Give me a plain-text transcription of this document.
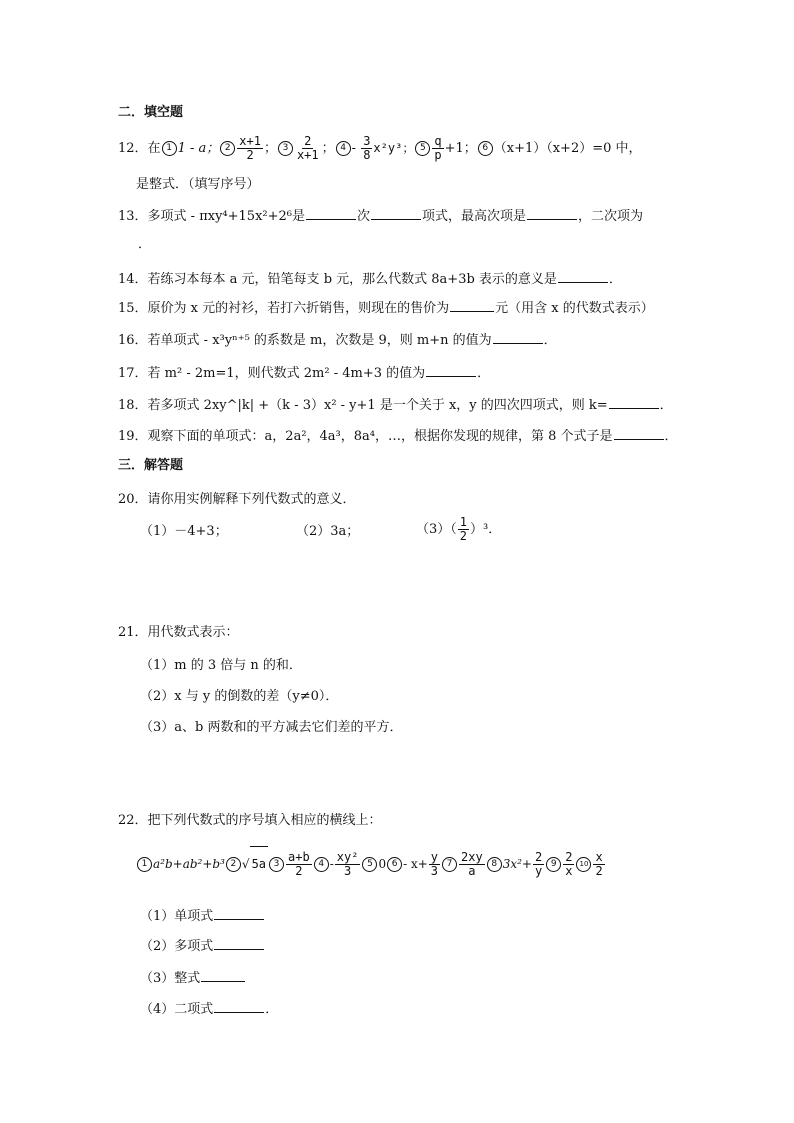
二．填空题
12．在 1 1 - a； $2 \frac{x+1}{2}$ ； $3 \frac{2}{x+1}$ ； $4 - \frac{3}{8} x^2y^3$； $5 \frac{q}{p} +1$； 6 （x+1）（x+2）=0 中，
是整式．（填写序号）
13．多项式 - πxy⁴+15x²+2⁶是	次	项式，最高次项是	，二次项为
．
14．若练习本每本 a 元，铅笔每支 b 元，那么代数式 8a+3b 表示的意义是	．
15．原价为 x 元的衬衫，若打六折销售，则现在的售价为	元（用含 x 的代数式表示）
16．若单项式 - x³yⁿ⁺⁵ 的系数是 m，次数是 9，则 m+n 的值为	．
17．若 m² - 2m=1，则代数式 2m² - 4m+3 的值为	．
18．若多项式 2xy^|k| +（k - 3）x² - y+1 是一个关于 x，y 的四次四项式，则 k=	．
19．观察下面的单项式：a，2a²，4a³，8a⁴，…，根据你发现的规律，第 8 个式子是	．
三．解答题
20．请你用实例解释下列代数式的意义．
（1）－4+3；	（2）3a；	$(3)( \frac{1}{2} )^3$．
21．用代数式表示：
（1）m 的 3 倍与 n 的和．
（2）x 与 y 的倒数的差（y≠0）．
（3）a、b 两数和的平方减去它们差的平方．
22．把下列代数式的序号填入相应的横线上：
1 a²b+ab²+b³ 2 √ 5a $3 \frac{a+b}{2} 4 - \frac{\text{xy²}}{3} 5$ 0 $6 - x+ \frac{y}{3} 7 \frac{2xy}{a} 8$ $3x^2+ \frac{2}{y} 9 \frac{2}{x} 10 \frac{x}{2}$
（1）单项式
（2）多项式
（3）整式
（4）二项式	．
